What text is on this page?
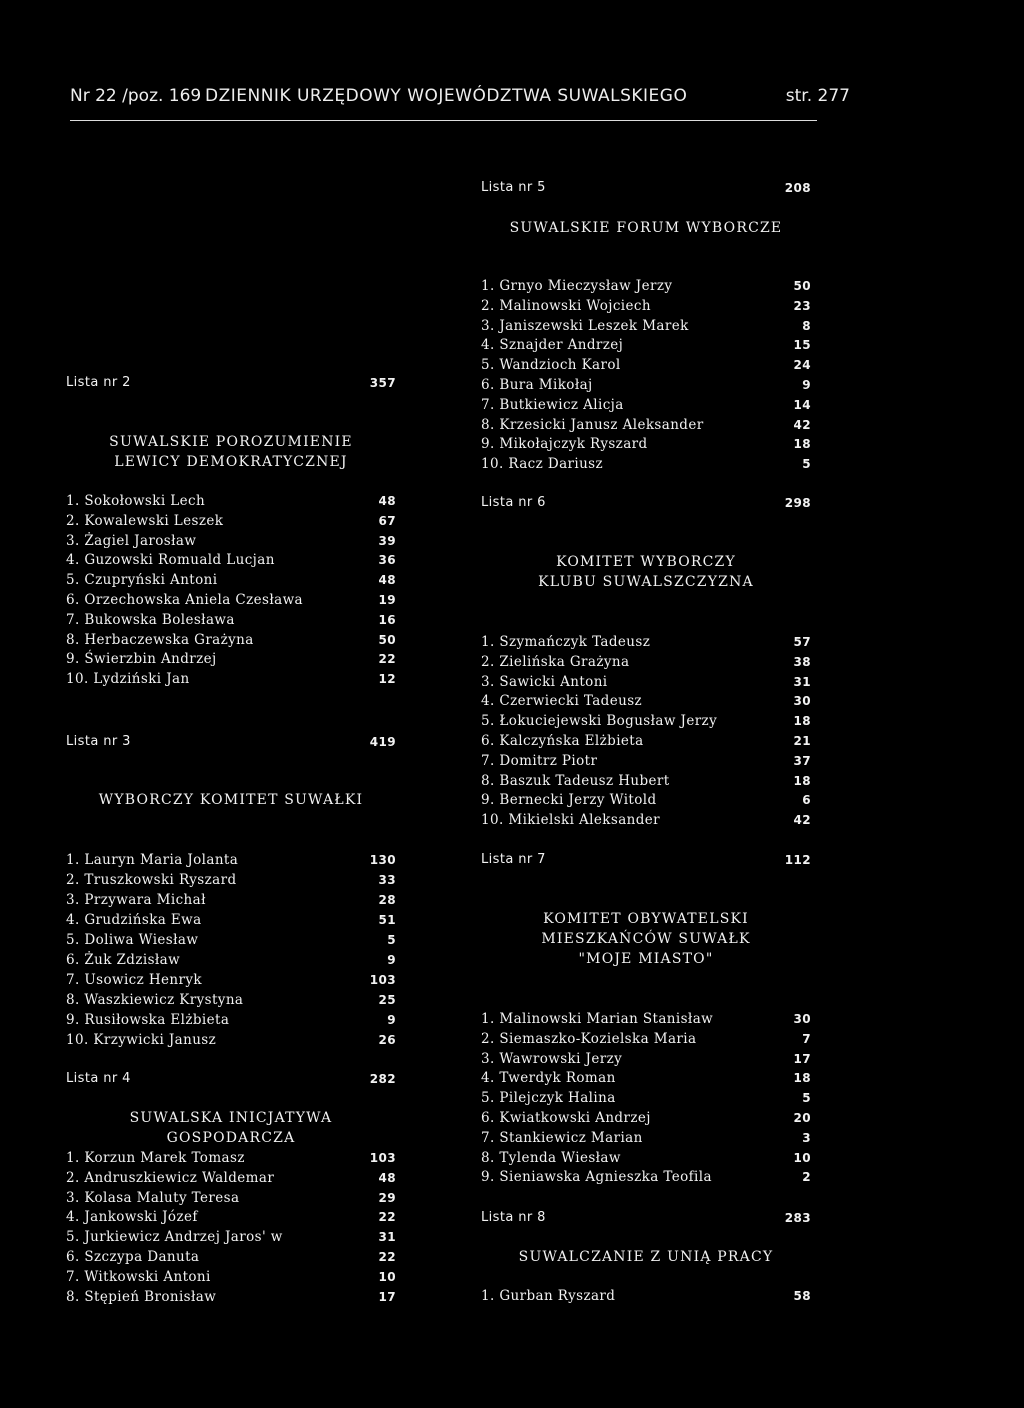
Nr 22 /poz. 169 DZIENNIK URZĘDOWY WOJEWÓDZTWA SUWALSKIEGO	str. 277
Lista nr 2	357
SUWALSKIE POROZUMIENIE
LEWICY DEMOKRATYCZNEJ
1. Sokołowski Lech	48
2. Kowalewski Leszek	67
3. Żagiel Jarosław	39
4. Guzowski Romuald Lucjan	36
5. Czupryński Antoni	48
6. Orzechowska Aniela Czesława	19
7. Bukowska Bolesława	16
8. Herbaczewska Grażyna	50
9. Świerzbin Andrzej	22
10. Lydziński Jan	12
Lista nr 3	419
WYBORCZY KOMITET SUWAŁKI
1. Lauryn Maria Jolanta	130
2. Truszkowski Ryszard	33
3. Przywara Michał	28
4. Grudzińska Ewa	51
5. Doliwa Wiesław	5
6. Żuk Zdzisław	9
7. Usowicz Henryk	103
8. Waszkiewicz Krystyna	25
9. Rusiłowska Elżbieta	9
10. Krzywicki Janusz	26
Lista nr 4	282
SUWALSKA INICJATYWA GOSPODARCZA
1. Korzun Marek Tomasz	103
2. Andruszkiewicz Waldemar	48
3. Kolasa Maluty Teresa	29
4. Jankowski Józef	22
5. Jurkiewicz Andrzej Jaros' w	31
6. Szczypa Danuta	22
7. Witkowski Antoni	10
8. Stępień Bronisław	17
Lista nr 5	208
SUWALSKIE FORUM WYBORCZE
1. Grnyo Mieczysław Jerzy	50
2. Malinowski Wojciech	23
3. Janiszewski Leszek Marek	8
4. Sznajder Andrzej	15
5. Wandzioch Karol	24
6. Bura Mikołaj	9
7. Butkiewicz Alicja	14
8. Krzesicki Janusz Aleksander	42
9. Mikołajczyk Ryszard	18
10. Racz Dariusz	5
Lista nr 6	298
KOMITET WYBORCZY
KLUBU SUWALSZCZYZNA
1. Szymańczyk Tadeusz	57
2. Zielińska Grażyna	38
3. Sawicki Antoni	31
4. Czerwiecki Tadeusz	30
5. Łokuciejewski Bogusław Jerzy	18
6. Kalczyńska Elżbieta	21
7. Domitrz Piotr	37
8. Baszuk Tadeusz Hubert	18
9. Bernecki Jerzy Witold	6
10. Mikielski Aleksander	42
Lista nr 7	112
KOMITET OBYWATELSKI
MIESZKAŃCÓW SUWAŁK
"MOJE MIASTO"
1. Malinowski Marian Stanisław	30
2. Siemaszko-Kozielska Maria	7
3. Wawrowski Jerzy	17
4. Twerdyk Roman	18
5. Pilejczyk Halina	5
6. Kwiatkowski Andrzej	20
7. Stankiewicz Marian	3
8. Tylenda Wiesław	10
9. Sieniawska Agnieszka Teofila	2
Lista nr 8	283
SUWALCZANIE Z UNIĄ PRACY
1. Gurban Ryszard	58
